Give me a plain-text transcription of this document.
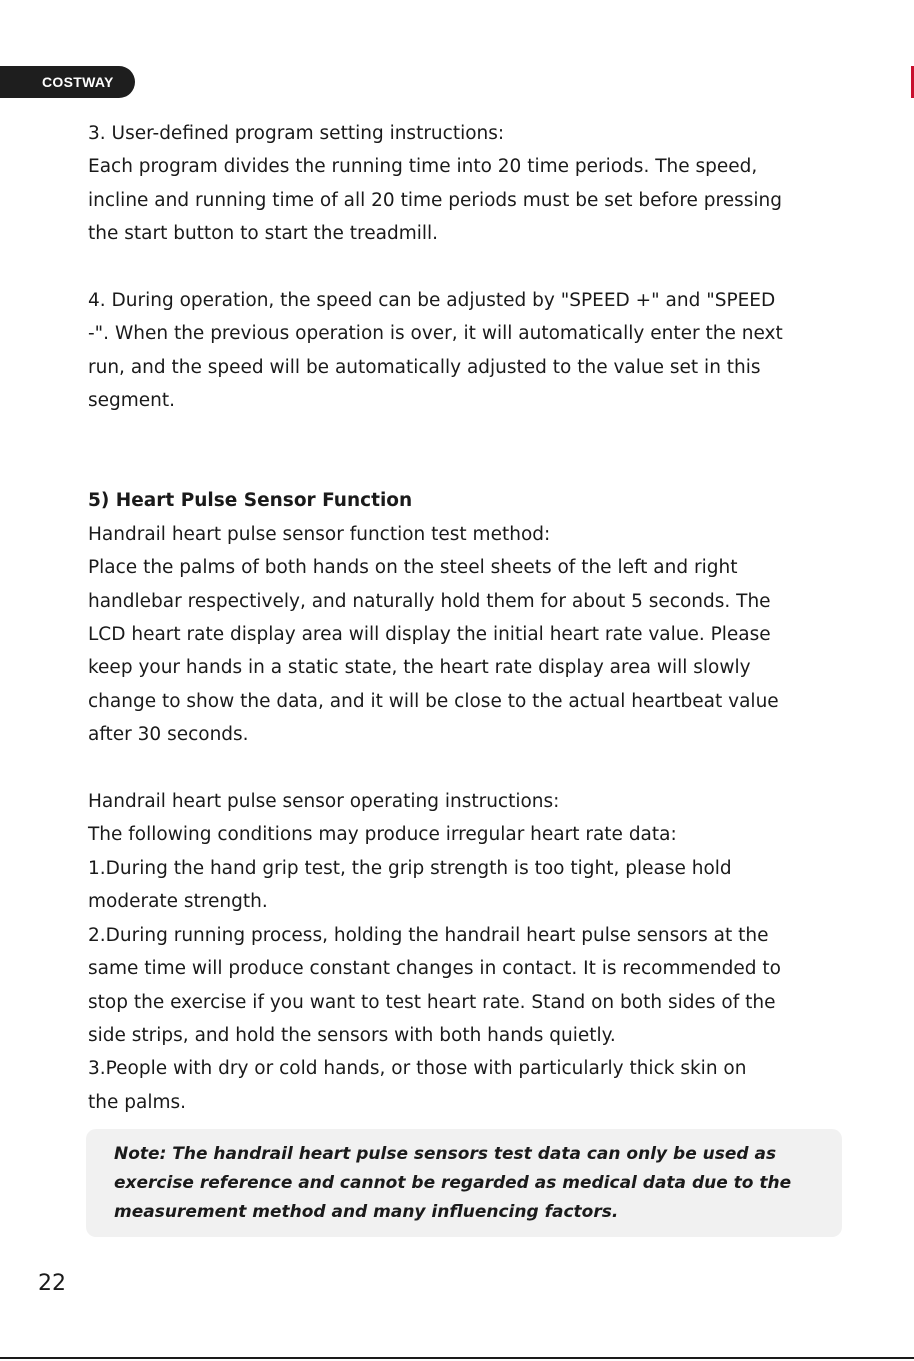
COSTWAY

3. User-defined program setting instructions:

Each program divides the running time into 20 time periods. The speed,

incline and running time of all 20 time periods must be set before pressing

the start button to start the treadmill.

4. During operation, the speed can be adjusted by "SPEED +" and "SPEED

-". When the previous operation is over, it will automatically enter the next

run, and the speed will be automatically adjusted to the value set in this

segment.

5) Heart Pulse Sensor Function

Handrail heart pulse sensor function test method:

Place the palms of both hands on the steel sheets of the left and right

handlebar respectively, and naturally hold them for about 5 seconds. The

LCD heart rate display area will display the initial heart rate value. Please

keep your hands in a static state, the heart rate display area will slowly

change to show the data, and it will be close to the actual heartbeat value

after 30 seconds.

Handrail heart pulse sensor operating instructions:

The following conditions may produce irregular heart rate data:

1.During the hand grip test, the grip strength is too tight, please hold

moderate strength.

2.During running process, holding the handrail heart pulse sensors at the

same time will produce constant changes in contact. It is recommended to

stop the exercise if you want to test heart rate. Stand on both sides of the

side strips, and hold the sensors with both hands quietly.

3.People with dry or cold hands, or those with particularly thick skin on

the palms.

Note: The handrail heart pulse sensors test data can only be used as

exercise reference and cannot be regarded as medical data due to the

measurement method and many influencing factors.

22
